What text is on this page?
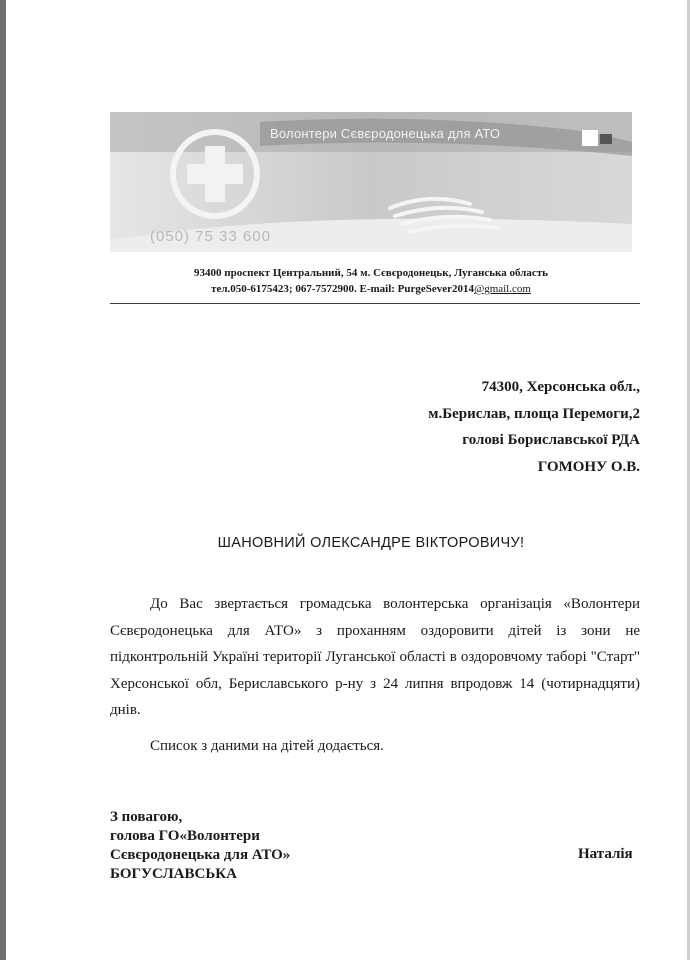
Волонтери Сєвєродонецька для АТО
(050) 75 33 600
93400 проспект Центральний, 54 м. Сєвєродонецьк, Луганська область
тел.050-6175423; 067-7572900. E-mail: PurgeSever2014@gmail.com
74300, Херсонська обл.,
м.Берислав, площа Перемоги,2
голові Бориславської РДА
ГОМОНУ О.В.
ШАНОВНИЙ ОЛЕКСАНДРЕ ВІКТОРОВИЧУ!
До Вас звертається громадська волонтерська організація «Волонтери Сєвєродонецька для АТО» з проханням оздоровити дітей із зони не підконтрольній Україні території Луганської області в оздоровчому таборі "Старт" Херсонської обл, Бериславського р-ну з 24 липня впродовж 14 (чотирнадцяти) днів.
Список з даними на дітей додається.
З повагою,
голова ГО«Волонтери
Сєвєродонецька для АТО»
БОГУСЛАВСЬКА
Наталія
